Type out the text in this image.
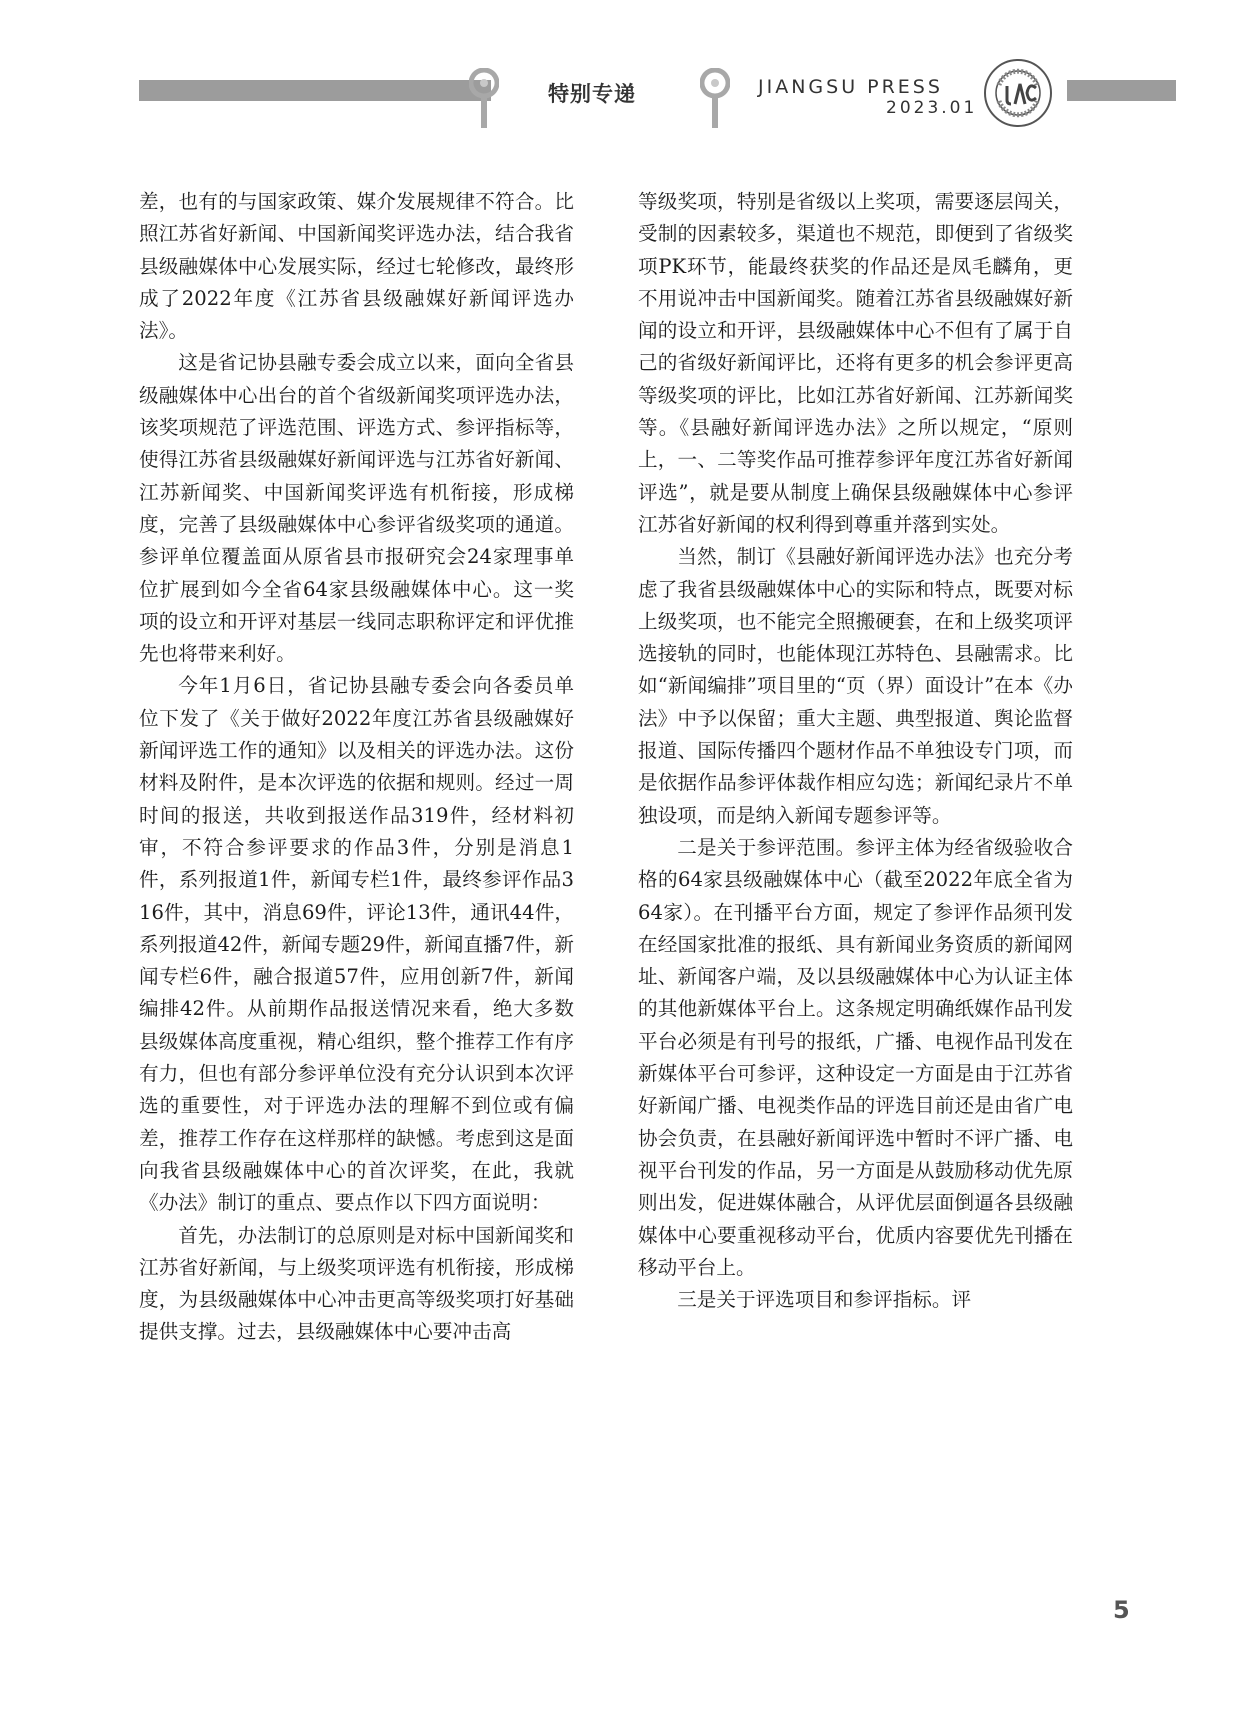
特别专递	JIANGSU PRESS
2023.01

差，也有的与国家政策、媒介发展规律不符合。比照江苏省好新闻、中国新闻奖评选办法，结合我省县级融媒体中心发展实际，经过七轮修改，最终形成了2022年度《江苏省县级融媒好新闻评选办法》。

这是省记协县融专委会成立以来，面向全省县级融媒体中心出台的首个省级新闻奖项评选办法，该奖项规范了评选范围、评选方式、参评指标等，使得江苏省县级融媒好新闻评选与江苏省好新闻、江苏新闻奖、中国新闻奖评选有机衔接，形成梯度，完善了县级融媒体中心参评省级奖项的通道。参评单位覆盖面从原省县市报研究会24家理事单位扩展到如今全省64家县级融媒体中心。这一奖项的设立和开评对基层一线同志职称评定和评优推先也将带来利好。

今年1月6日，省记协县融专委会向各委员单位下发了《关于做好2022年度江苏省县级融媒好新闻评选工作的通知》以及相关的评选办法。这份材料及附件，是本次评选的依据和规则。经过一周时间的报送，共收到报送作品319件，经材料初审，不符合参评要求的作品3件，分别是消息1件，系列报道1件，新闻专栏1件，最终参评作品316件，其中，消息69件，评论13件，通讯44件，系列报道42件，新闻专题29件，新闻直播7件，新闻专栏6件，融合报道57件，应用创新7件，新闻编排42件。从前期作品报送情况来看，绝大多数县级媒体高度重视，精心组织，整个推荐工作有序有力，但也有部分参评单位没有充分认识到本次评选的重要性，对于评选办法的理解不到位或有偏差，推荐工作存在这样那样的缺憾。考虑到这是面向我省县级融媒体中心的首次评奖，在此，我就《办法》制订的重点、要点作以下四方面说明：

首先，办法制订的总原则是对标中国新闻奖和江苏省好新闻，与上级奖项评选有机衔接，形成梯度，为县级融媒体中心冲击更高等级奖项打好基础提供支撑。过去，县级融媒体中心要冲击高

等级奖项，特别是省级以上奖项，需要逐层闯关，受制的因素较多，渠道也不规范，即便到了省级奖项PK环节，能最终获奖的作品还是凤毛麟角，更不用说冲击中国新闻奖。随着江苏省县级融媒好新闻的设立和开评，县级融媒体中心不但有了属于自己的省级好新闻评比，还将有更多的机会参评更高等级奖项的评比，比如江苏省好新闻、江苏新闻奖等。《县融好新闻评选办法》之所以规定，“原则上，一、二等奖作品可推荐参评年度江苏省好新闻评选”，就是要从制度上确保县级融媒体中心参评江苏省好新闻的权利得到尊重并落到实处。

当然，制订《县融好新闻评选办法》也充分考虑了我省县级融媒体中心的实际和特点，既要对标上级奖项，也不能完全照搬硬套，在和上级奖项评选接轨的同时，也能体现江苏特色、县融需求。比如“新闻编排”项目里的“页（界）面设计”在本《办法》中予以保留；重大主题、典型报道、舆论监督报道、国际传播四个题材作品不单独设专门项，而是依据作品参评体裁作相应勾选；新闻纪录片不单独设项，而是纳入新闻专题参评等。

二是关于参评范围。参评主体为经省级验收合格的64家县级融媒体中心（截至2022年底全省为64家）。在刊播平台方面，规定了参评作品须刊发在经国家批准的报纸、具有新闻业务资质的新闻网址、新闻客户端，及以县级融媒体中心为认证主体的其他新媒体平台上。这条规定明确纸媒作品刊发平台必须是有刊号的报纸，广播、电视作品刊发在新媒体平台可参评，这种设定一方面是由于江苏省好新闻广播、电视类作品的评选目前还是由省广电协会负责，在县融好新闻评选中暂时不评广播、电视平台刊发的作品，另一方面是从鼓励移动优先原则出发，促进媒体融合，从评优层面倒逼各县级融媒体中心要重视移动平台，优质内容要优先刊播在移动平台上。

三是关于评选项目和参评指标。评

5
